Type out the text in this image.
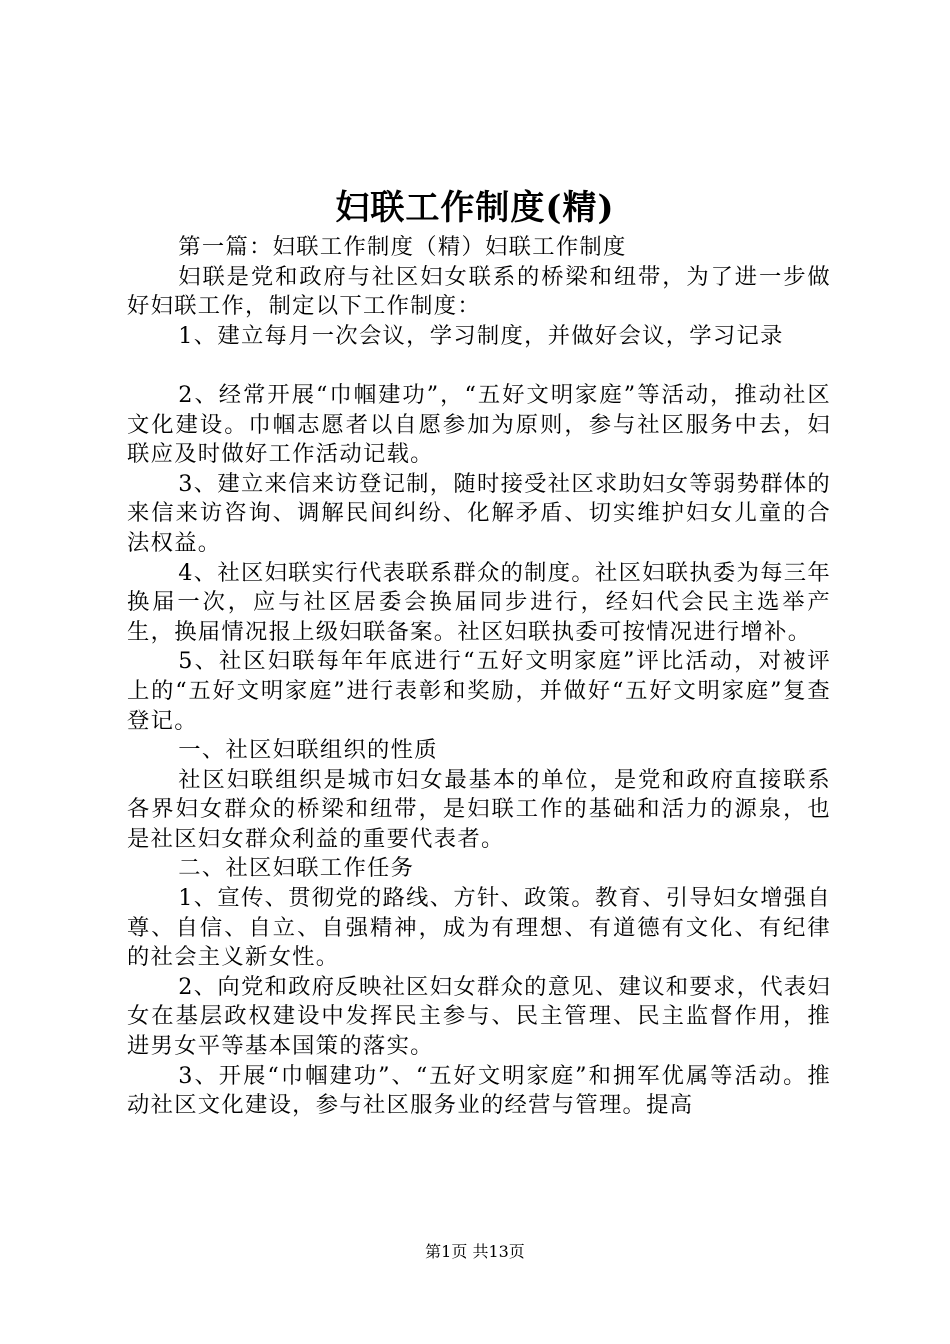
妇联工作制度(精)

第一篇：妇联工作制度（精）妇联工作制度

妇联是党和政府与社区妇女联系的桥梁和纽带，为了进一步做好妇联工作，制定以下工作制度：

1、建立每月一次会议，学习制度，并做好会议，学习记录

2、经常开展“巾帼建功”，“五好文明家庭”等活动，推动社区文化建设。巾帼志愿者以自愿参加为原则，参与社区服务中去，妇联应及时做好工作活动记载。

3、建立来信来访登记制，随时接受社区求助妇女等弱势群体的来信来访咨询、调解民间纠纷、化解矛盾、切实维护妇女儿童的合法权益。

4、社区妇联实行代表联系群众的制度。社区妇联执委为每三年换届一次，应与社区居委会换届同步进行，经妇代会民主选举产生，换届情况报上级妇联备案。社区妇联执委可按情况进行增补。

5、社区妇联每年年底进行“五好文明家庭”评比活动，对被评上的“五好文明家庭”进行表彰和奖励，并做好“五好文明家庭”复查登记。

一、社区妇联组织的性质

社区妇联组织是城市妇女最基本的单位，是党和政府直接联系各界妇女群众的桥梁和纽带，是妇联工作的基础和活力的源泉，也是社区妇女群众利益的重要代表者。

二、社区妇联工作任务

1、宣传、贯彻党的路线、方针、政策。教育、引导妇女增强自尊、自信、自立、自强精神，成为有理想、有道德有文化、有纪律的社会主义新女性。

2、向党和政府反映社区妇女群众的意见、建议和要求，代表妇女在基层政权建设中发挥民主参与、民主管理、民主监督作用，推进男女平等基本国策的落实。

3、开展“巾帼建功”、“五好文明家庭”和拥军优属等活动。推动社区文化建设，参与社区服务业的经营与管理。提高

第1页 共13页
